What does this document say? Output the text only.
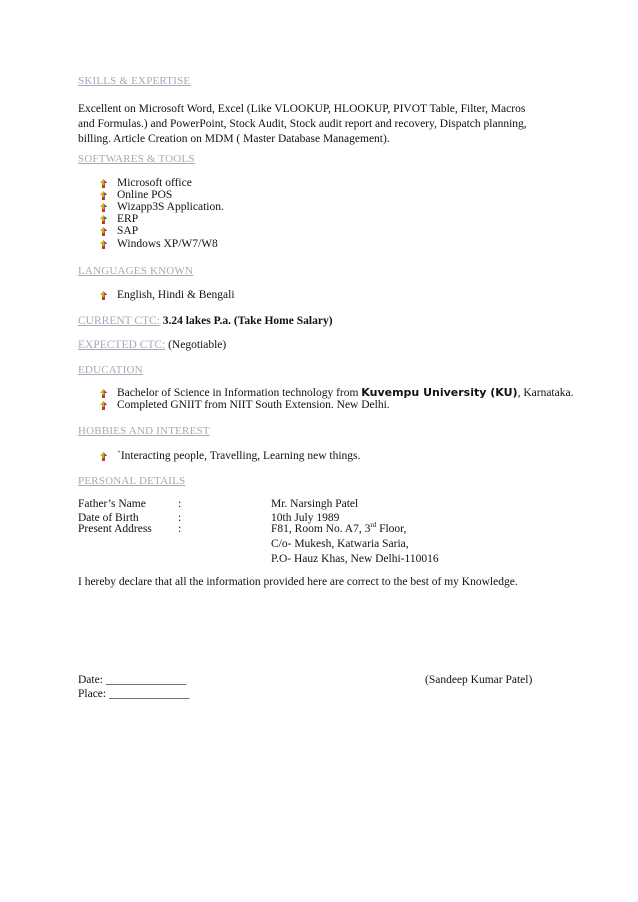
SKILLS & EXPERTISE
Excellent on Microsoft Word, Excel (Like VLOOKUP, HLOOKUP, PIVOT Table, Filter, Macros and Formulas.) and PowerPoint, Stock Audit, Stock audit report and recovery, Dispatch planning, billing. Article Creation on MDM ( Master Database Management).
SOFTWARES & TOOLS
Microsoft office
Online POS
Wizapp3S Application.
ERP
SAP
Windows XP/W7/W8
LANGUAGES KNOWN
English, Hindi & Bengali
CURRENT CTC: 3.24 lakes P.a. (Take Home Salary)
EXPECTED CTC: (Negotiable)
EDUCATION
Bachelor of Science in Information technology from Kuvempu University (KU), Karnataka.
Completed GNIIT from NIIT South Extension. New Delhi.
HOBBIES AND INTEREST
`Interacting people, Travelling, Learning new things.
PERSONAL DETAILS
Father’s Name	:	Mr. Narsingh Patel
Date of Birth	:	10th July 1989
Present Address :	F81, Room No. A7, 3rd Floor,
C/o- Mukesh, Katwaria Saria,
P.O- Hauz Khas, New Delhi-110016
I hereby declare that all the information provided here are correct to the best of my Knowledge.
Date: ______________
Place: ______________
(Sandeep Kumar Patel)
